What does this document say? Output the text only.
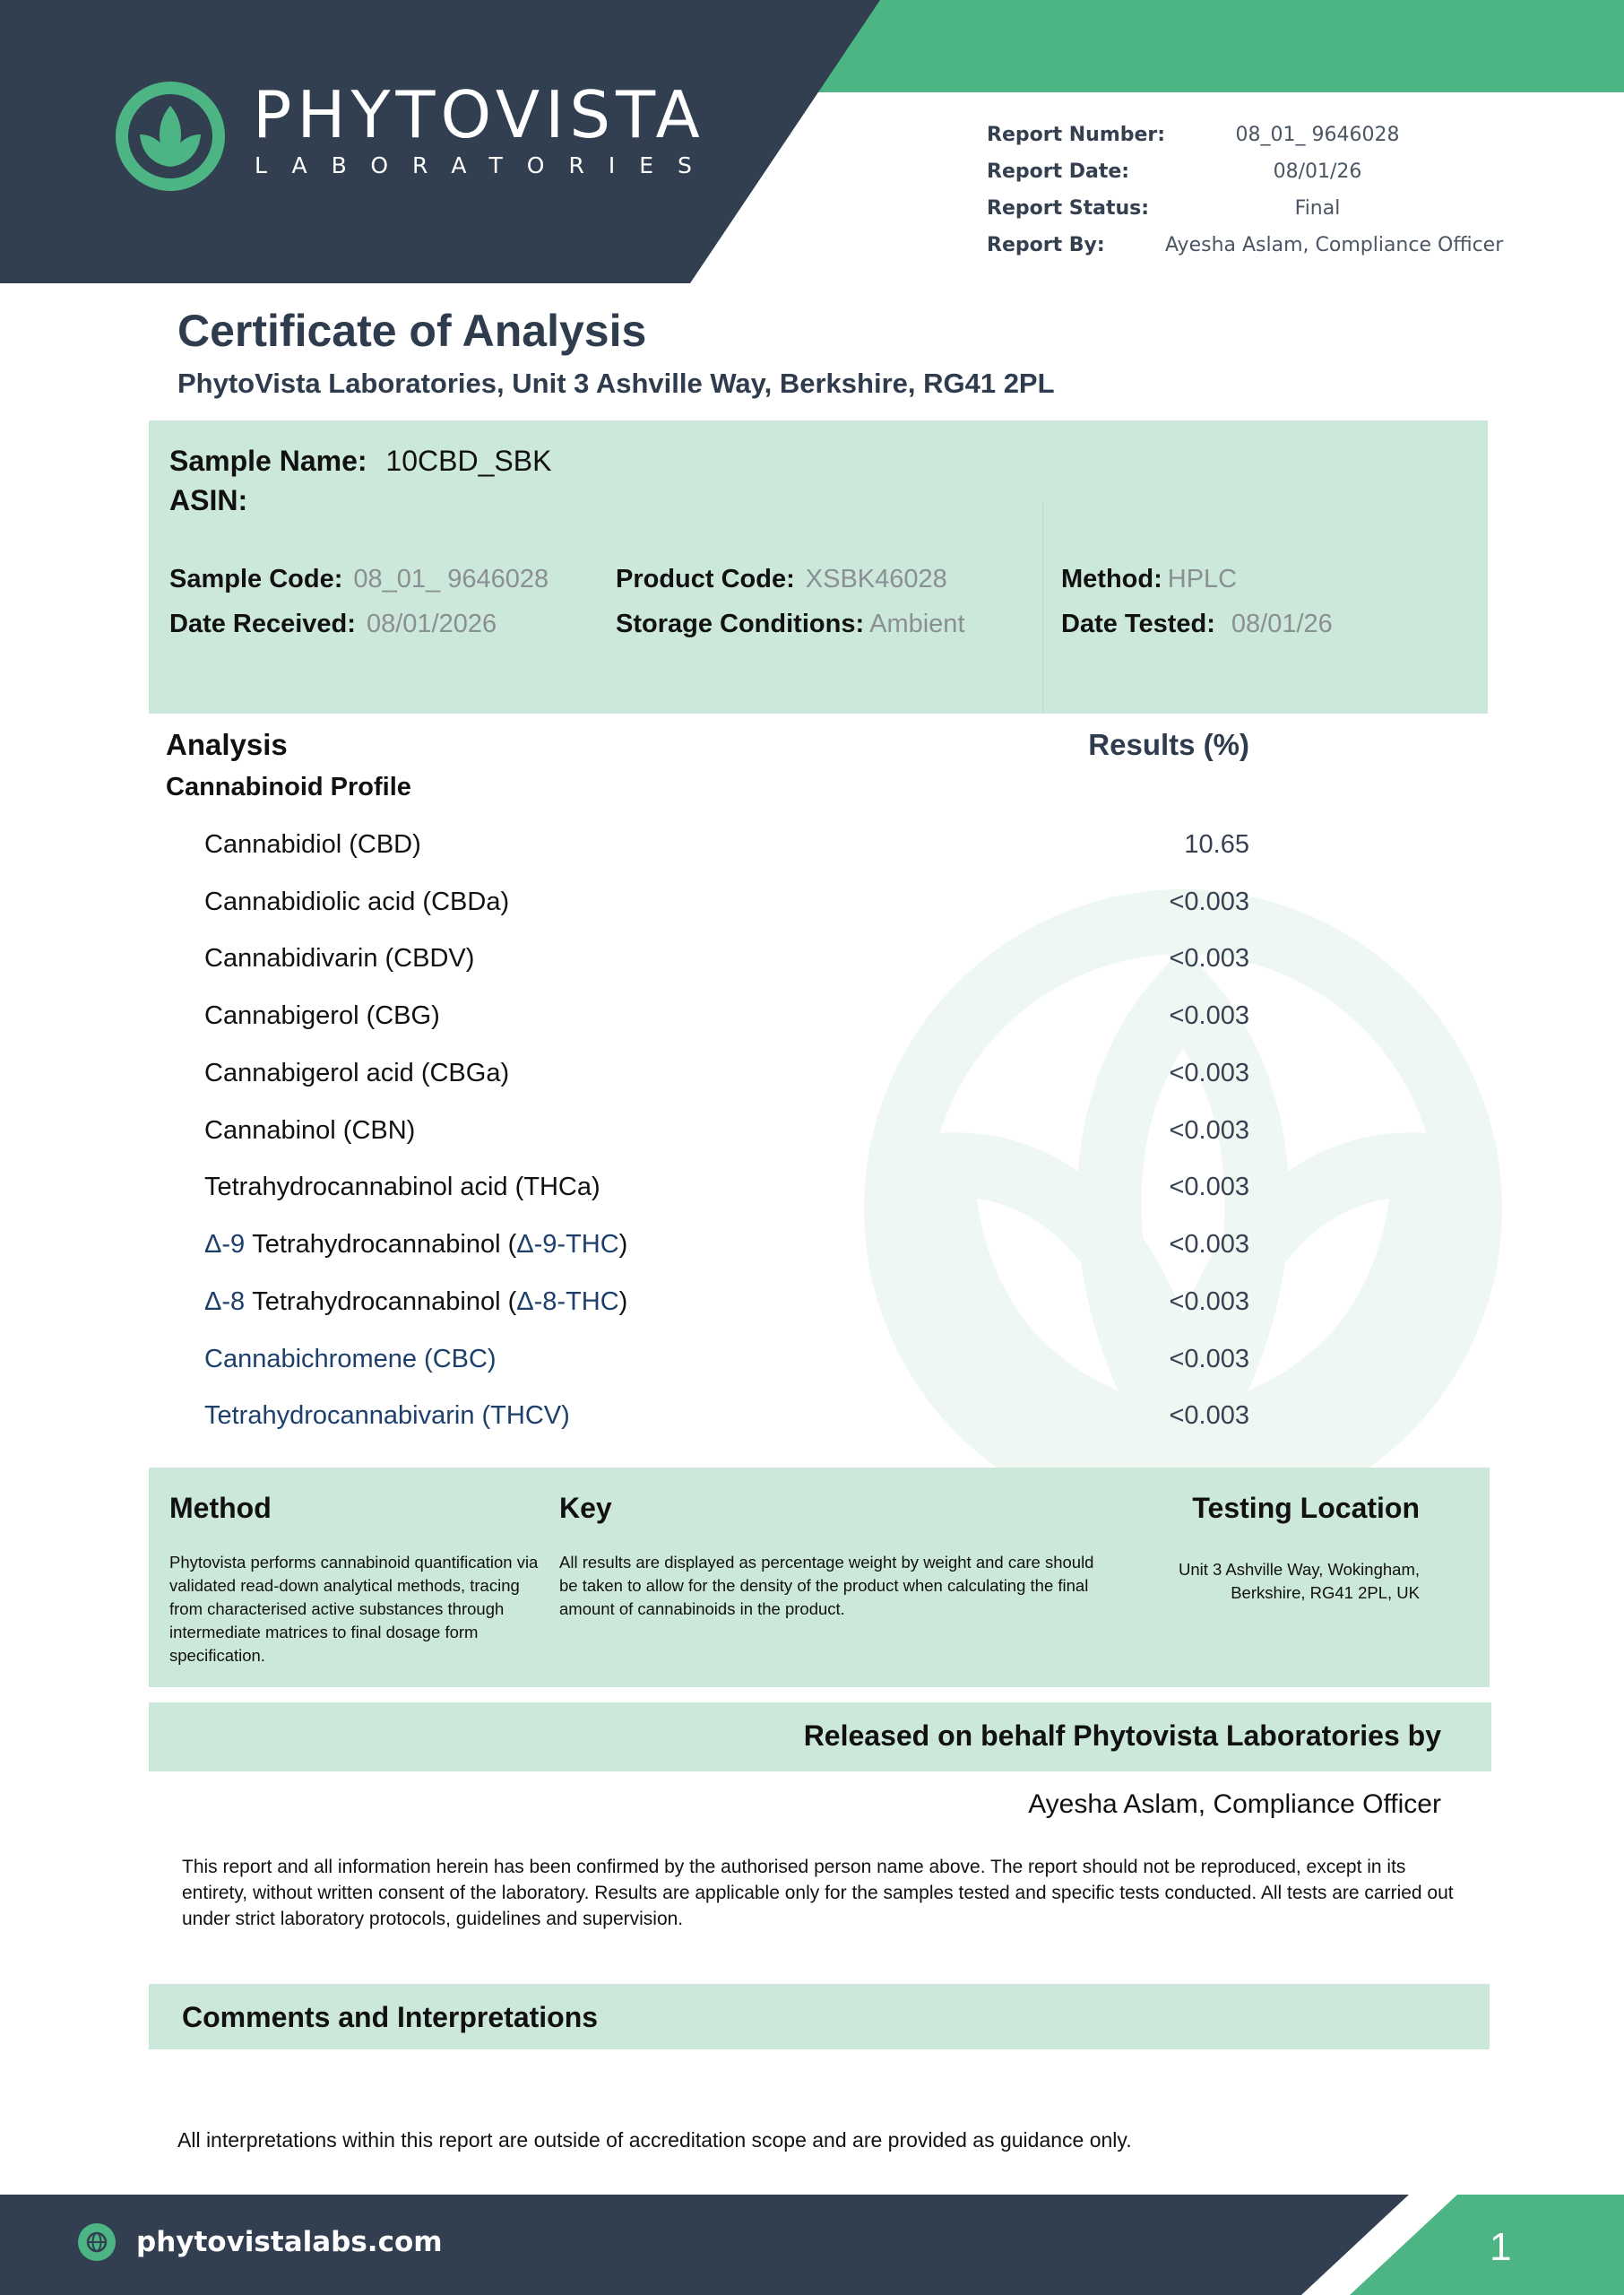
PHYTOVISTA
LABORATORIES
Report Number:	08_01_ 9646028
Report Date:	08/01/26
Report Status:	Final
Report By:	Ayesha Aslam, Compliance Officer
Certificate of Analysis
PhytoVista Laboratories, Unit 3 Ashville Way, Berkshire, RG41 2PL
Sample Name: 10CBD_SBK
ASIN:
Sample Code: 08_01_ 9646028
Date Received: 08/01/2026
Product Code: XSBK46028
Storage Conditions: Ambient
Method: HPLC
Date Tested: 08/01/26
Analysis	Results (%)
Cannabinoid Profile
Cannabidiol (CBD)	10.65
Cannabidiolic acid (CBDa)	<0.003
Cannabidivarin (CBDV)	<0.003
Cannabigerol (CBG)	<0.003
Cannabigerol acid (CBGa)	<0.003
Cannabinol (CBN)	<0.003
Tetrahydrocannabinol acid (THCa)	<0.003
Δ-9 Tetrahydrocannabinol (Δ-9-THC)	<0.003
Δ-8 Tetrahydrocannabinol (Δ-8-THC)	<0.003
Cannabichromene (CBC)	<0.003
Tetrahydrocannabivarin (THCV)	<0.003
Method
Phytovista performs cannabinoid quantification via validated read-down analytical methods, tracing from characterised active substances through intermediate matrices to final dosage form specification.
Key
All results are displayed as percentage weight by weight and care should be taken to allow for the density of the product when calculating the final amount of cannabinoids in the product.
Testing Location
Unit 3 Ashville Way, Wokingham,
Berkshire, RG41 2PL, UK
Released on behalf Phytovista Laboratories by
Ayesha Aslam, Compliance Officer
This report and all information herein has been confirmed by the authorised person name above. The report should not be reproduced, except in its entirety, without written consent of the laboratory. Results are applicable only for the samples tested and specific tests conducted. All tests are carried out under strict laboratory protocols, guidelines and supervision.
Comments and Interpretations
All interpretations within this report are outside of accreditation scope and are provided as guidance only.
phytovistalabs.com	1
